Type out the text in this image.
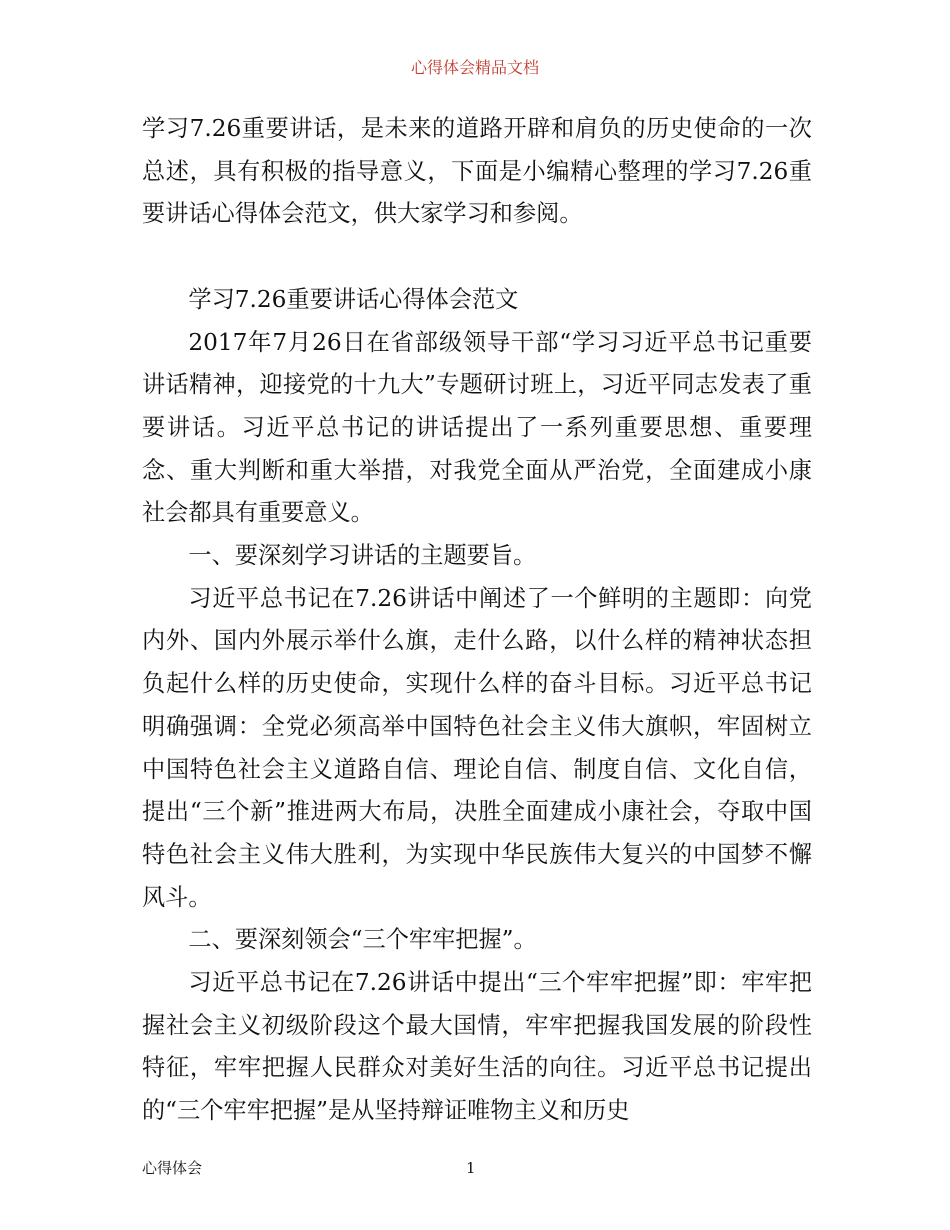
心得体会精品文档

学习7.26重要讲话，是未来的道路开辟和肩负的历史使命的一次总述，具有积极的指导意义，下面是小编精心整理的学习7.26重要讲话心得体会范文，供大家学习和参阅。

学习7.26重要讲话心得体会范文

2017年7月26日在省部级领导干部“学习习近平总书记重要讲话精神，迎接党的十九大”专题研讨班上，习近平同志发表了重要讲话。习近平总书记的讲话提出了一系列重要思想、重要理念、重大判断和重大举措，对我党全面从严治党，全面建成小康社会都具有重要意义。

一、要深刻学习讲话的主题要旨。

习近平总书记在7.26讲话中阐述了一个鲜明的主题即：向党内外、国内外展示举什么旗，走什么路，以什么样的精神状态担负起什么样的历史使命，实现什么样的奋斗目标。习近平总书记明确强调：全党必须高举中国特色社会主义伟大旗帜，牢固树立中国特色社会主义道路自信、理论自信、制度自信、文化自信，提出“三个新”推进两大布局，决胜全面建成小康社会，夺取中国特色社会主义伟大胜利，为实现中华民族伟大复兴的中国梦不懈风斗。

二、要深刻领会“三个牢牢把握”。

习近平总书记在7.26讲话中提出“三个牢牢把握”即：牢牢把握社会主义初级阶段这个最大国情，牢牢把握我国发展的阶段性特征，牢牢把握人民群众对美好生活的向往。习近平总书记提出的“三个牢牢把握”是从坚持辩证唯物主义和历史

心得体会	1
